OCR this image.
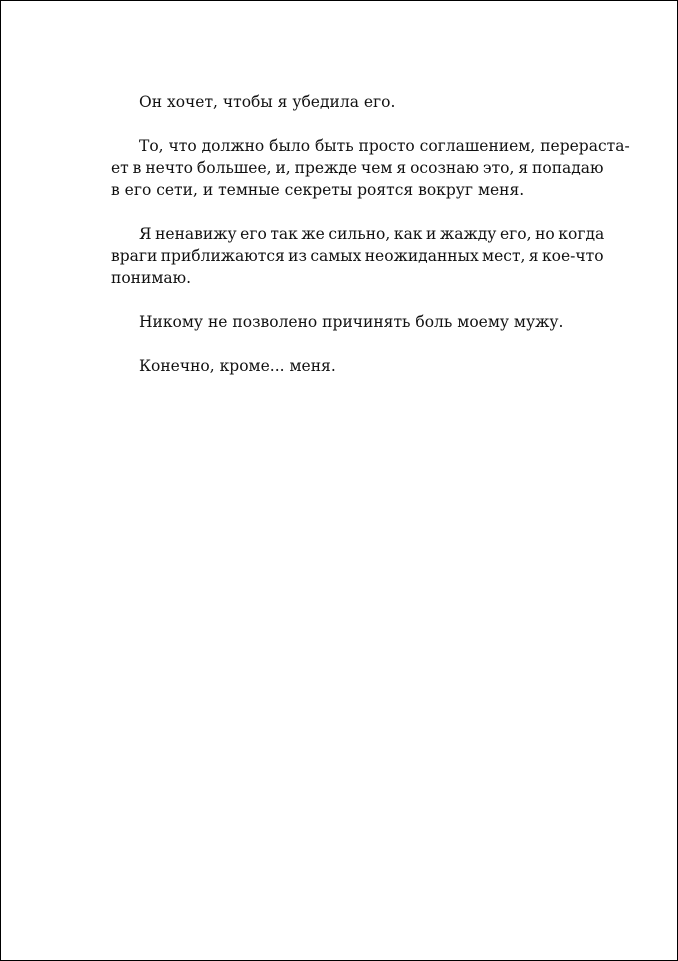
Он хочет, чтобы я убедила его.

То, что должно было быть просто соглашением, перераста-
ет в нечто большее, и, прежде чем я осознаю это, я попадаю
в его сети, и темные секреты роятся вокруг меня.

Я ненавижу его так же сильно, как и жажду его, но когда
враги приближаются из самых неожиданных мест, я кое-что
понимаю.

Никому не позволено причинять боль моему мужу.

Конечно, кроме... меня.
